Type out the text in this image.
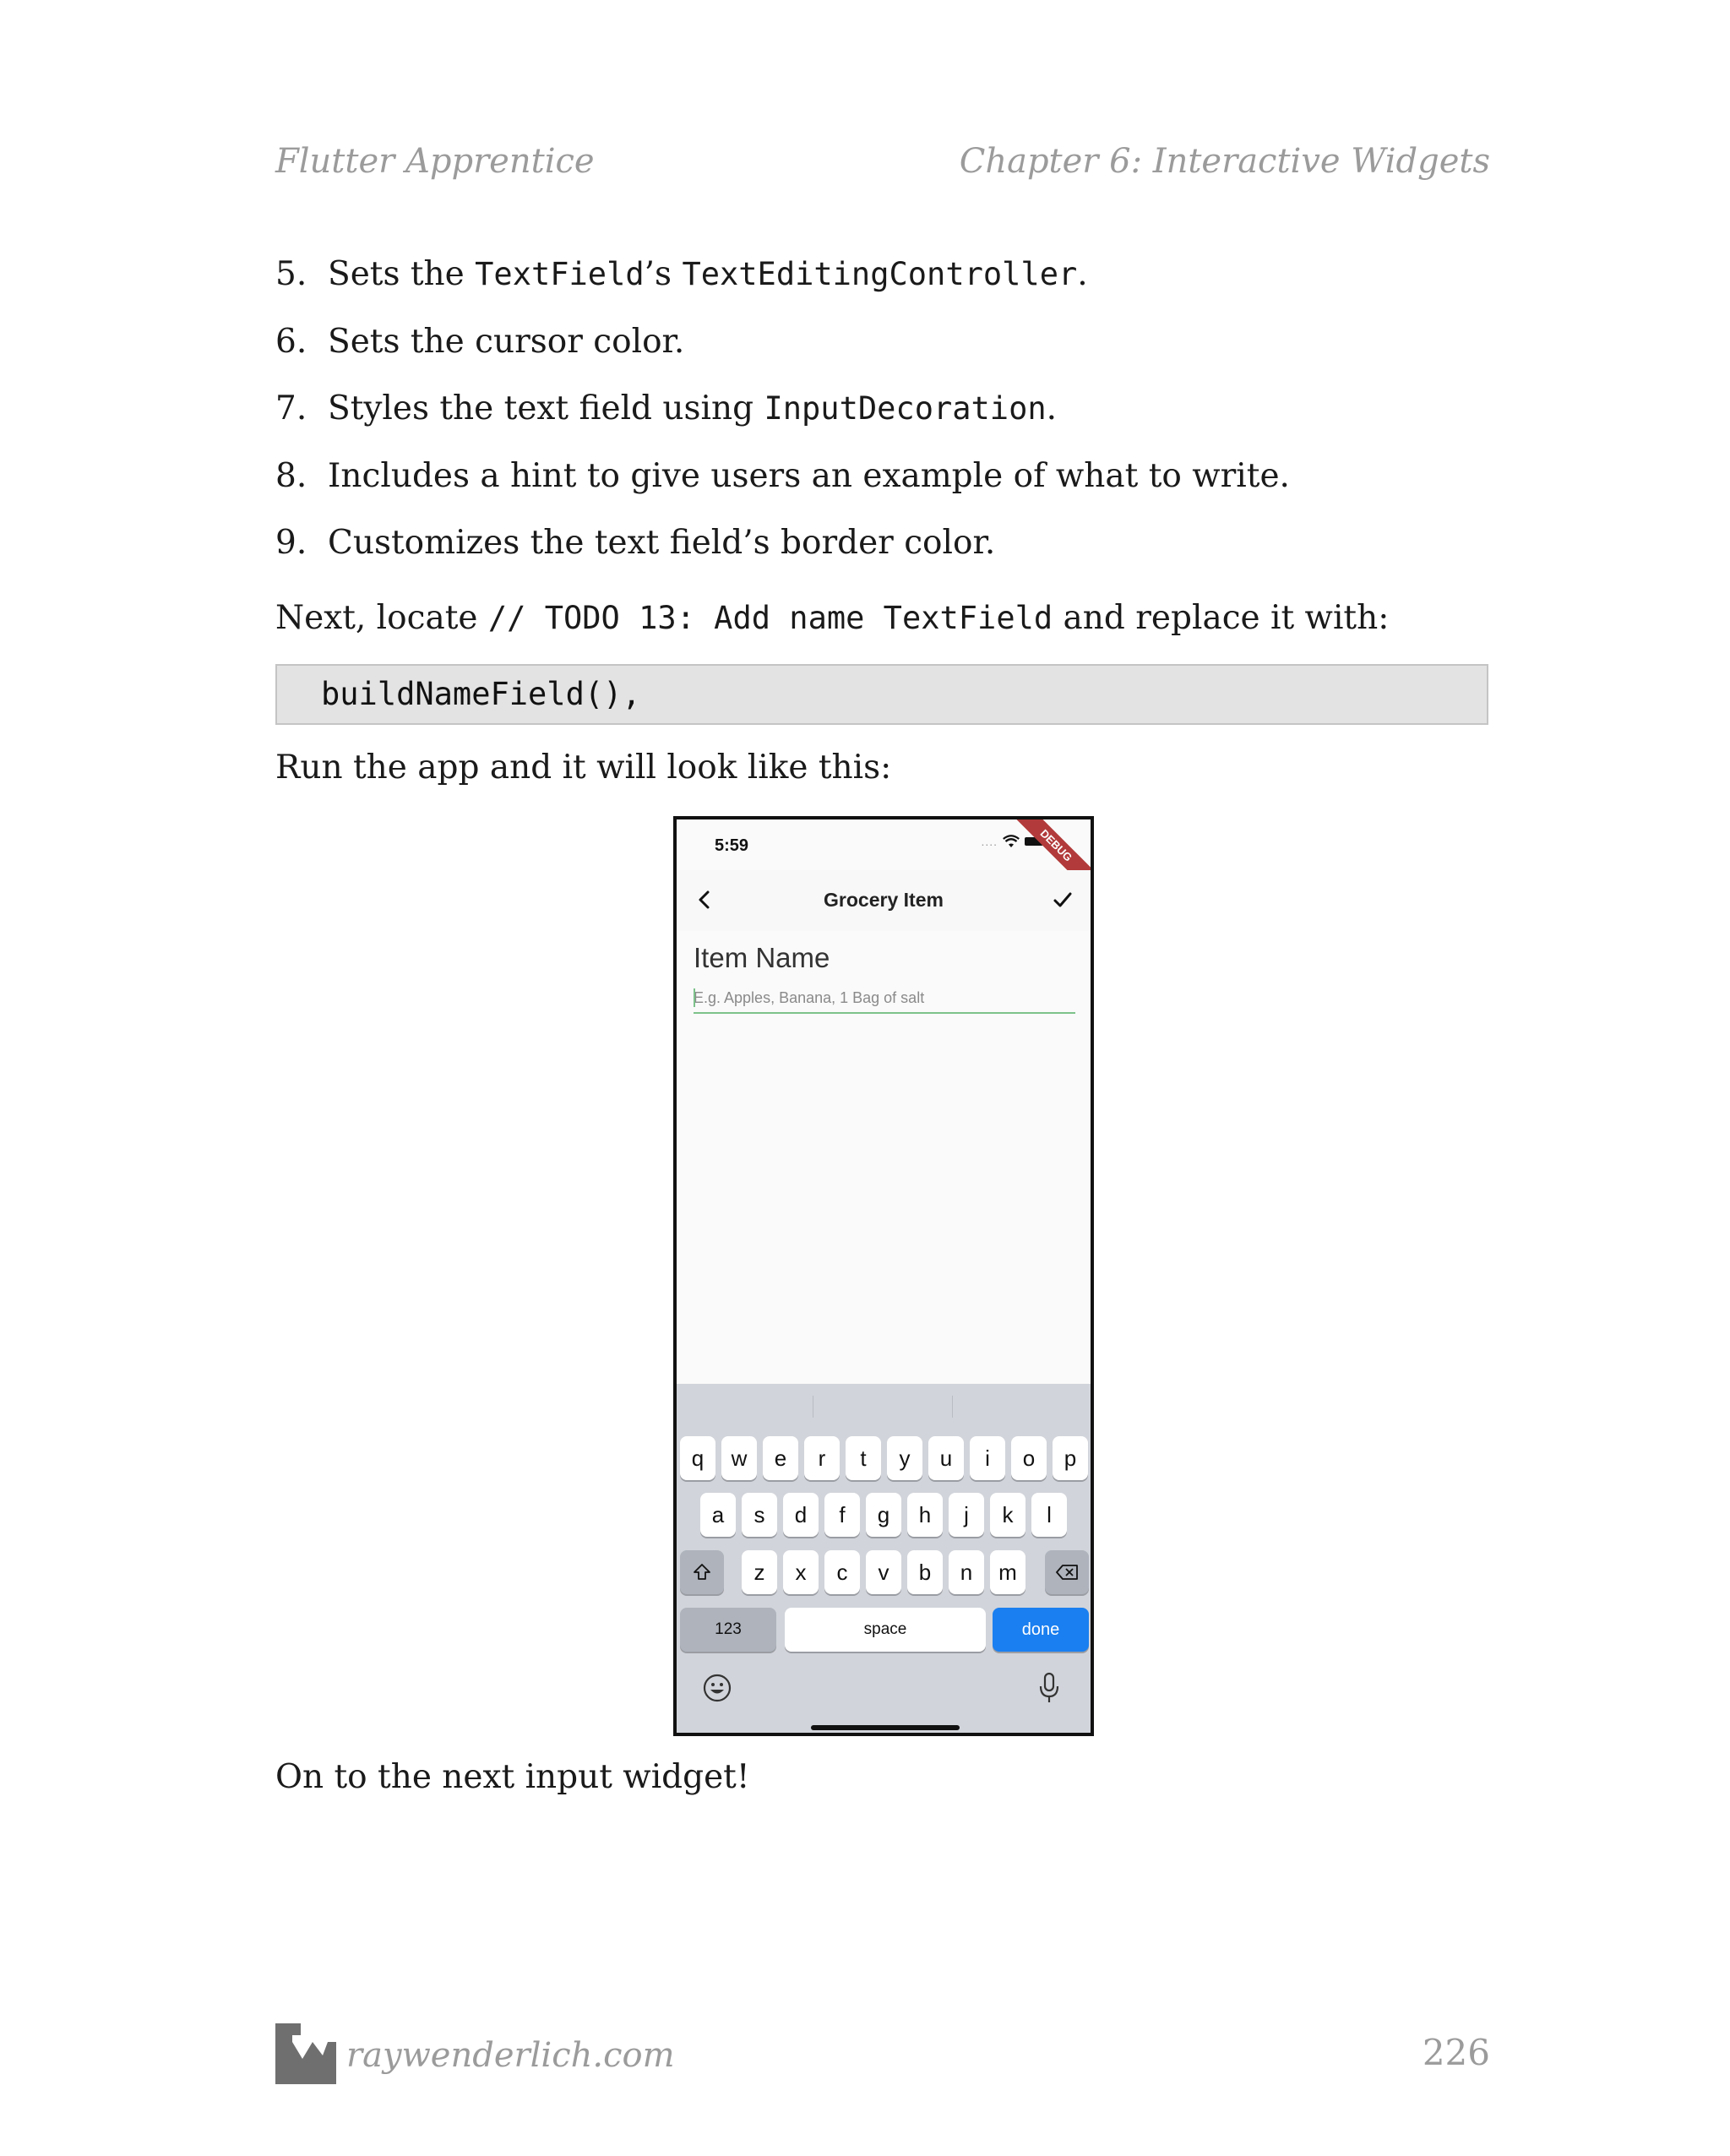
Flutter Apprentice	Chapter 6: Interactive Widgets
5. Sets the TextField’s TextEditingController.
6. Sets the cursor color.
7. Styles the text field using InputDecoration.
8. Includes a hint to give users an example of what to write.
9. Customizes the text field’s border color.
Next, locate // TODO 13: Add name TextField and replace it with:
buildNameField(),
Run the app and it will look like this:
5:59	....	DEBUG
Grocery Item
Item Name
E.g. Apples, Banana, 1 Bag of salt
q	w	e	r	t	y	u	i	o	p
a	s	d	f	g	h	j	k	l
z	x	c	v	b	n	m
123	space	done
On to the next input widget!
raywenderlich.com	226
